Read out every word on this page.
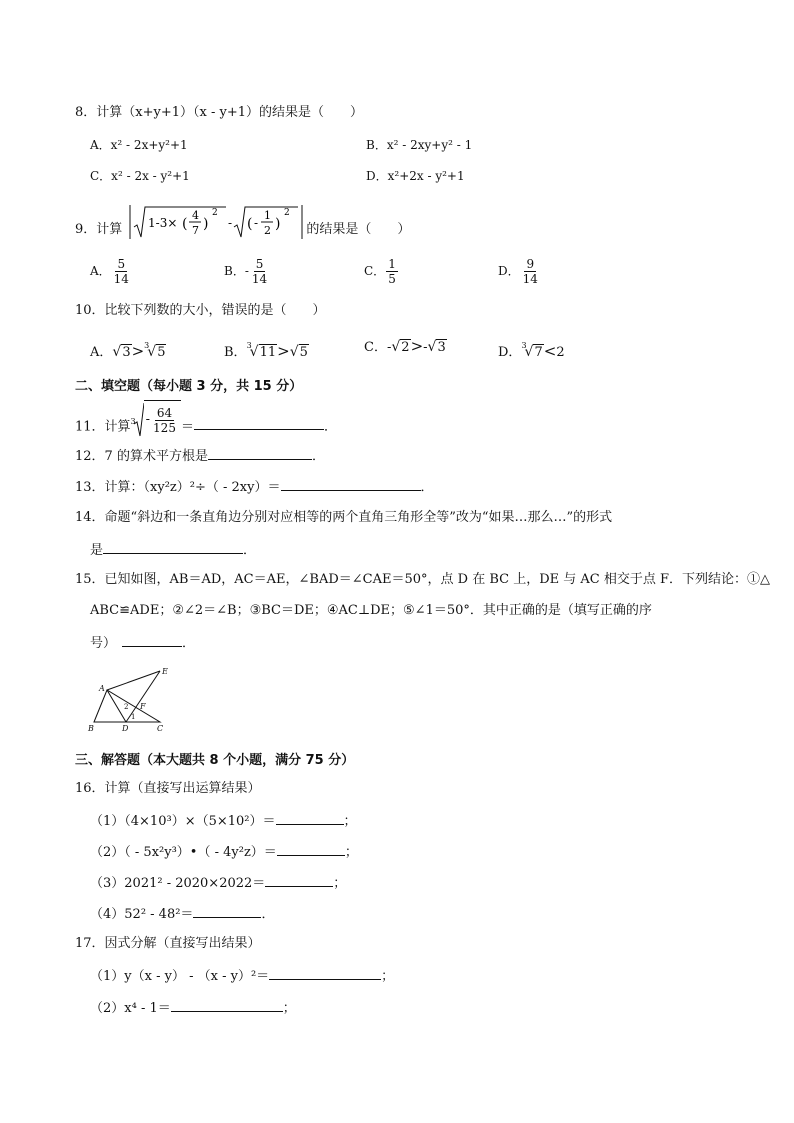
8．计算（x+y+1）（x - y+1）的结果是（　　）
A．x² - 2x+y²+1	B．x² - 2xy+y² - 1
C．x² - 2x - y²+1	D．x²+2x - y²+1
9．计算 1-3× (
4
7 )
2
- ( -
1
2 )
2
的结果是（　　）
A． $\frac{5}{14}$	B．- $\frac{5}{14}$	C． $\frac{1}{5}$	D． $\frac{9}{14}$
10．比较下列数的大小，错误的是（　　）
A．√3>$^3$√5	B．$^3$√11>√5	C．-√2>-√3	D．$^3$√7<2
二、填空题（每小题 3 分，共 15 分）
11．计算$^3 - \frac{64}{125}$ ＝	．
12．7 的算术平方根是	．
13．计算：（xy²z）²÷（ - 2xy）＝	．
14．命题“斜边和一条直角边分别对应相等的两个直角三角形全等”改为“如果…那么…”的形式
是	．
15．已知如图，AB＝AD，AC＝AE，∠BAD＝∠CAE＝50°，点 D 在 BC 上，DE 与 AC 相交于点 F．下列结论：①△
ABC≌ADE；②∠2＝∠B；③BC＝DE；④AC⊥DE；⑤∠1＝50°．其中正确的是（填写正确的序
号）	．
A
B	C
D
E
F
1
2
三、解答题（本大题共 8 个小题，满分 75 分）
16．计算（直接写出运算结果）
（1）（4×10³）×（5×10²）＝	；
（2）（ - 5x²y³）•（ - 4y²z）＝	；
（3）2021² - 2020×2022＝	；
（4）52² - 48²＝	．
17．因式分解（直接写出结果）
（1）y（x - y） - （x - y）²＝	；
（2）x⁴ - 1＝	；
